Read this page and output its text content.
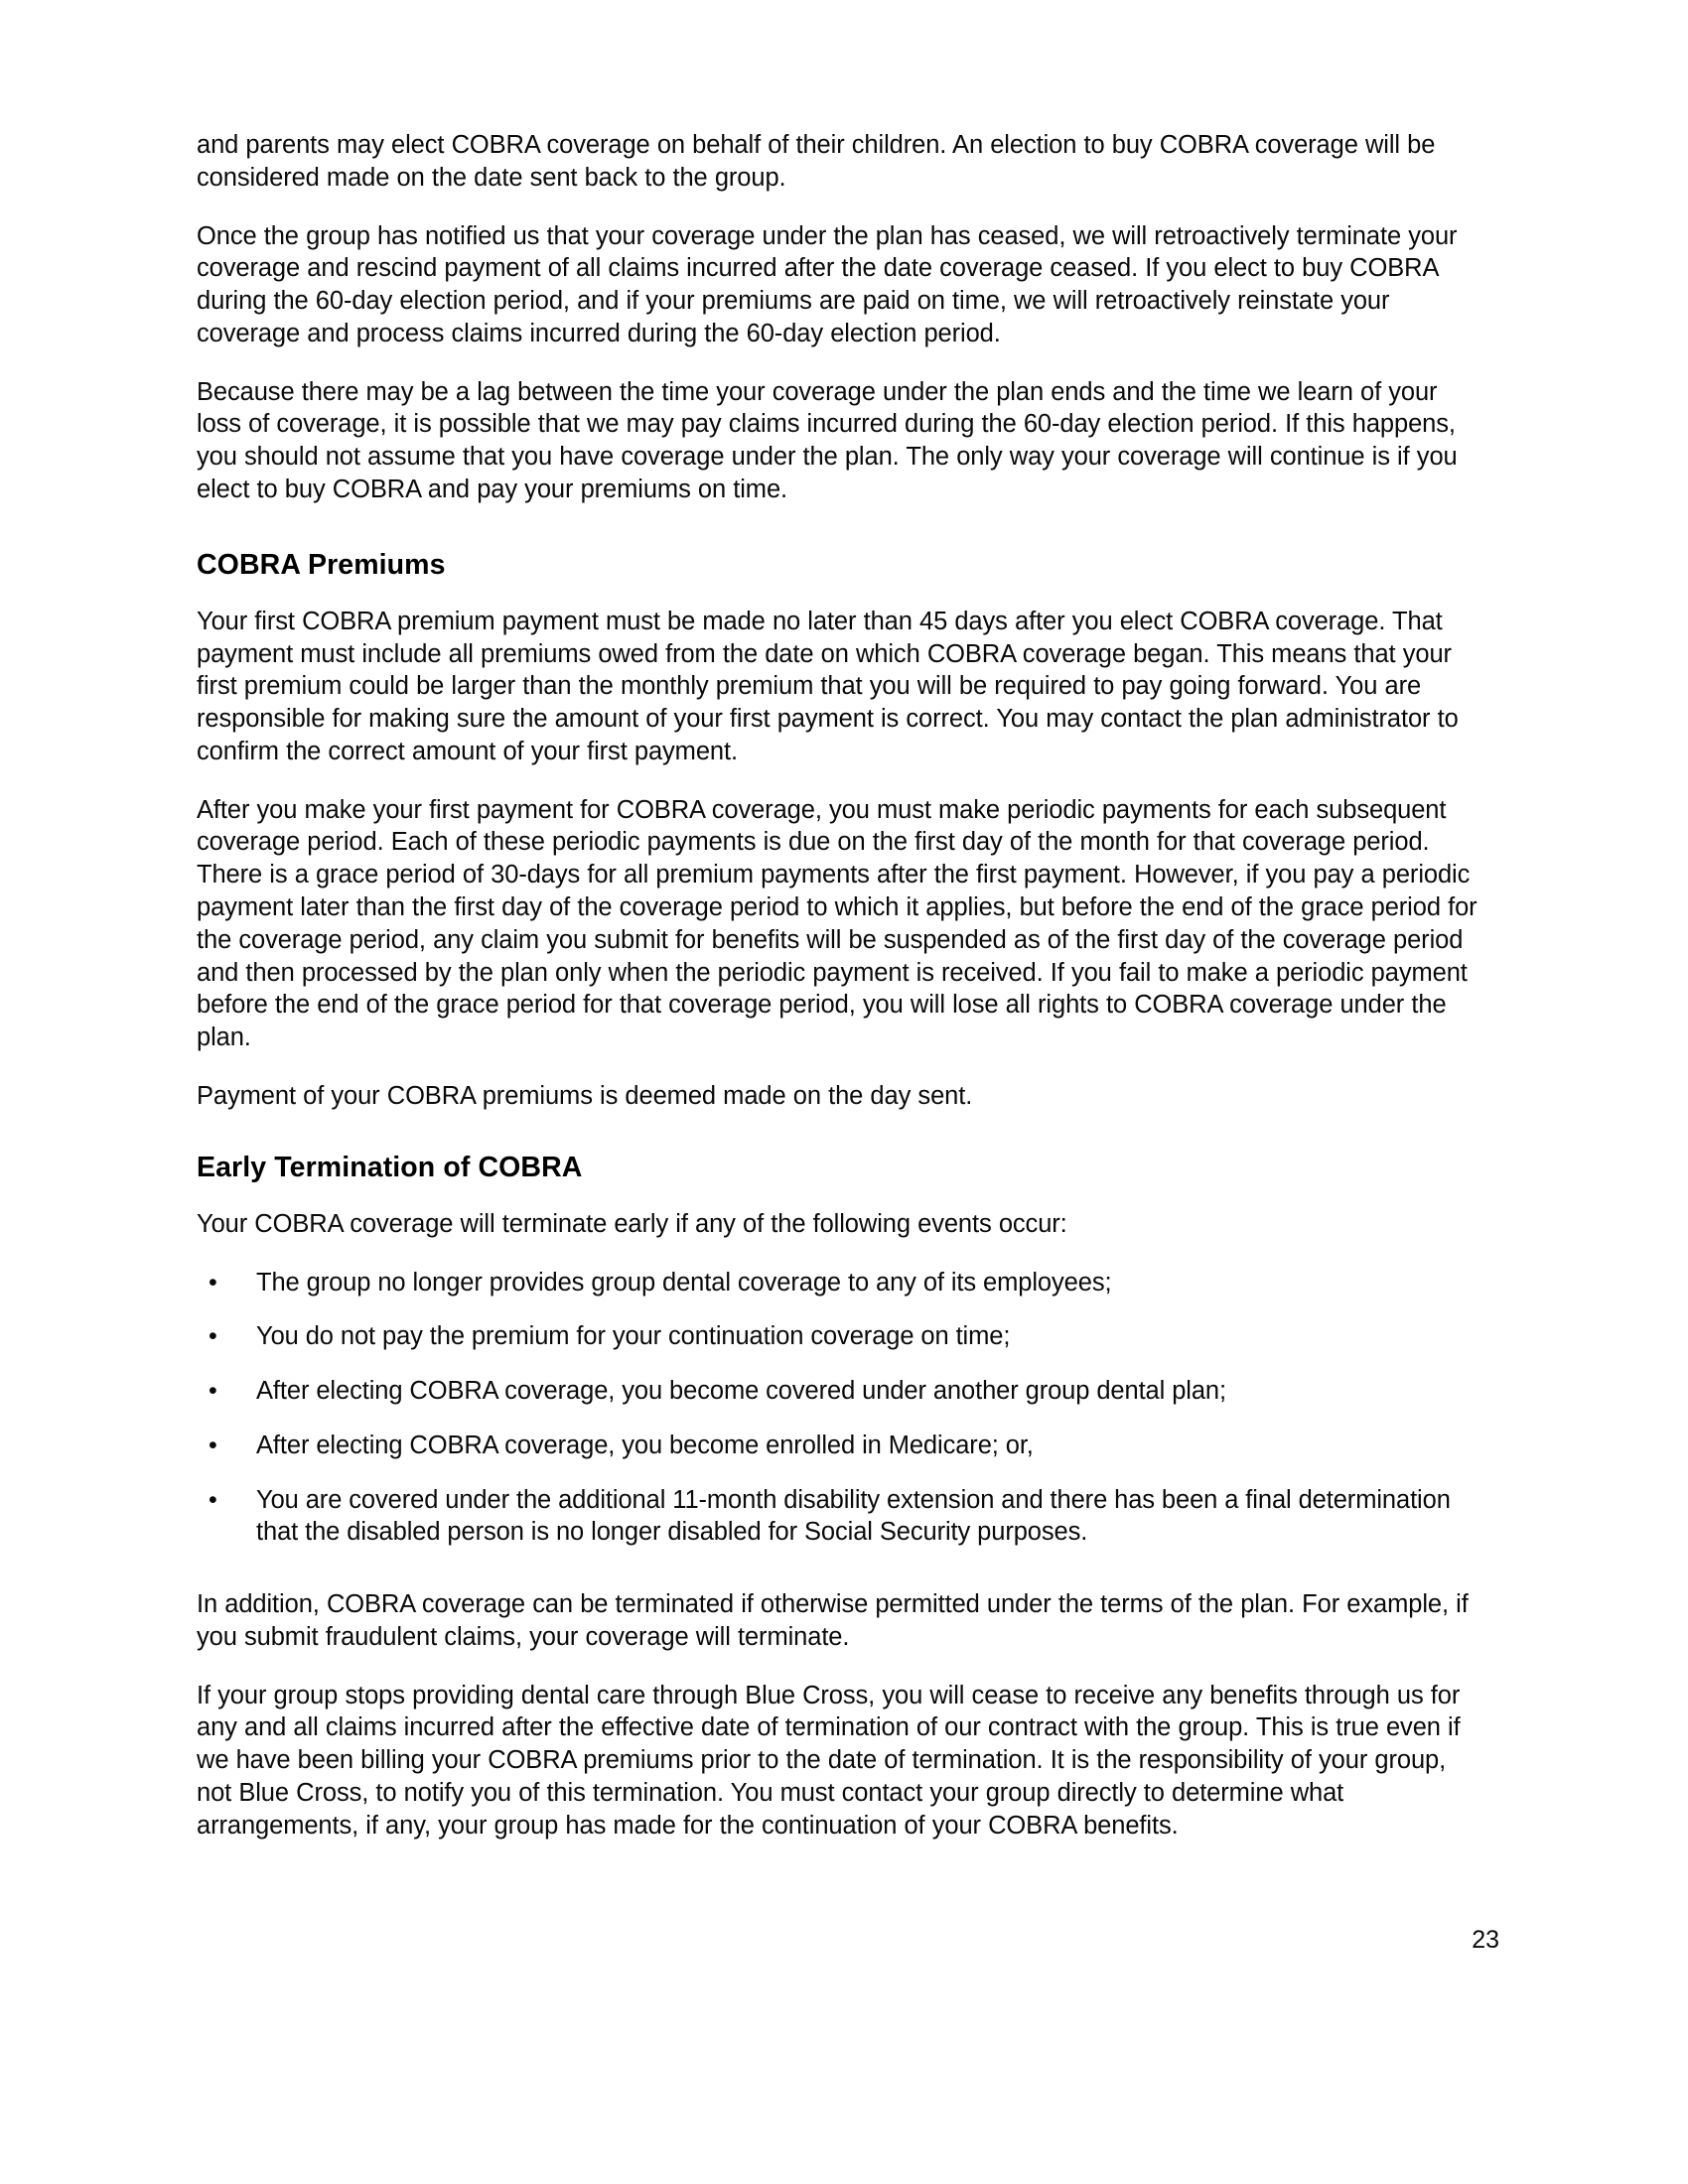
and parents may elect COBRA coverage on behalf of their children. An election to buy COBRA coverage will be considered made on the date sent back to the group.

Once the group has notified us that your coverage under the plan has ceased, we will retroactively terminate your coverage and rescind payment of all claims incurred after the date coverage ceased. If you elect to buy COBRA during the 60-day election period, and if your premiums are paid on time, we will retroactively reinstate your coverage and process claims incurred during the 60-day election period.

Because there may be a lag between the time your coverage under the plan ends and the time we learn of your loss of coverage, it is possible that we may pay claims incurred during the 60-day election period. If this happens, you should not assume that you have coverage under the plan. The only way your coverage will continue is if you elect to buy COBRA and pay your premiums on time.

COBRA Premiums

Your first COBRA premium payment must be made no later than 45 days after you elect COBRA coverage. That payment must include all premiums owed from the date on which COBRA coverage began. This means that your first premium could be larger than the monthly premium that you will be required to pay going forward. You are responsible for making sure the amount of your first payment is correct. You may contact the plan administrator to confirm the correct amount of your first payment.

After you make your first payment for COBRA coverage, you must make periodic payments for each subsequent coverage period. Each of these periodic payments is due on the first day of the month for that coverage period. There is a grace period of 30-days for all premium payments after the first payment. However, if you pay a periodic payment later than the first day of the coverage period to which it applies, but before the end of the grace period for the coverage period, any claim you submit for benefits will be suspended as of the first day of the coverage period and then processed by the plan only when the periodic payment is received. If you fail to make a periodic payment before the end of the grace period for that coverage period, you will lose all rights to COBRA coverage under the plan.

Payment of your COBRA premiums is deemed made on the day sent.

Early Termination of COBRA

Your COBRA coverage will terminate early if any of the following events occur:

• The group no longer provides group dental coverage to any of its employees;
• You do not pay the premium for your continuation coverage on time;
• After electing COBRA coverage, you become covered under another group dental plan;
• After electing COBRA coverage, you become enrolled in Medicare; or,
• You are covered under the additional 11-month disability extension and there has been a final determination that the disabled person is no longer disabled for Social Security purposes.

In addition, COBRA coverage can be terminated if otherwise permitted under the terms of the plan. For example, if you submit fraudulent claims, your coverage will terminate.

If your group stops providing dental care through Blue Cross, you will cease to receive any benefits through us for any and all claims incurred after the effective date of termination of our contract with the group. This is true even if we have been billing your COBRA premiums prior to the date of termination. It is the responsibility of your group, not Blue Cross, to notify you of this termination. You must contact your group directly to determine what arrangements, if any, your group has made for the continuation of your COBRA benefits.

23
